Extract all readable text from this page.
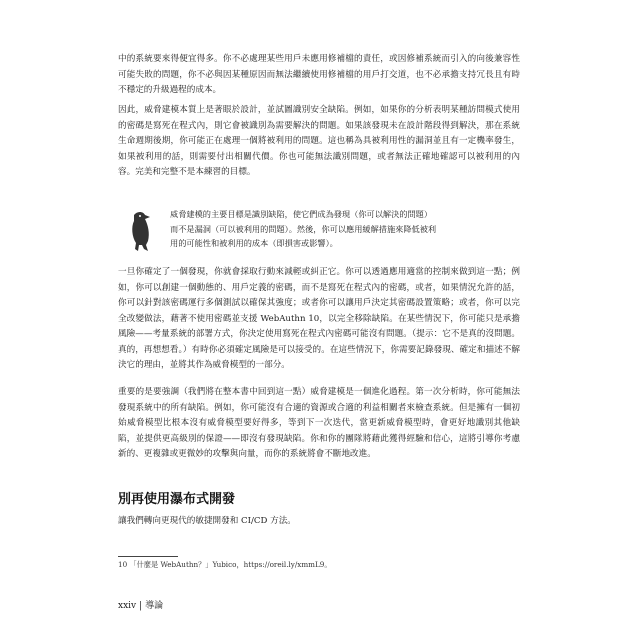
中的系統要來得便宜得多。你不必處理某些用戶未應用修補檔的責任，或因修補系統而引入的向後兼容性可能失敗的問題，你不必與因某種原因而無法繼續使用修補檔的用戶打交道，也不必承擔支持冗長且有時不穩定的升級過程的成本。

因此，威脅建模本質上是著眼於設計，並試圖識別安全缺陷。例如，如果你的分析表明某種訪問模式使用的密碼是寫死在程式內，則它會被識別為需要解決的問題。如果該發現未在設計階段得到解決，那在系統生命週期後期，你可能正在處理一個將被利用的問題。這也稱為具被利用性的漏洞並且有一定機率發生，如果被利用的話，則需要付出相關代價。你也可能無法識別問題，或者無法正確地確認可以被利用的內容。完美和完整不是本練習的目標。

威脅建模的主要目標是識別缺陷，使它們成為發現（你可以解決的問題）
而不是漏洞（可以被利用的問題）。然後，你可以應用緩解措施來降低被利
用的可能性和被利用的成本（即損害或影響）。

一旦你確定了一個發現，你就會採取行動來減輕或糾正它。你可以透過應用適當的控制來做到這一點；例如，你可以創建一個動態的、用戶定義的密碼，而不是寫死在程式內的密碼，或者，如果情況允許的話，你可以針對該密碼運行多個測試以確保其強度；或者你可以讓用戶決定其密碼設置策略；或者，你可以完全改變做法，藉著不使用密碼並支援 WebAuthn 10，以完全移除缺陷。在某些情況下，你可能只是承擔風險——考量系統的部署方式，你決定使用寫死在程式內密碼可能沒有問題。（提示：它不是真的沒問題。真的，再想想看。）有時你必須確定風險是可以接受的。在這些情況下，你需要記錄發現、確定和描述不解決它的理由，並將其作為威脅模型的一部分。

重要的是要強調（我們將在整本書中回到這一點）威脅建模是一個進化過程。第一次分析時，你可能無法發現系統中的所有缺陷。例如，你可能沒有合適的資源或合適的利益相關者來檢查系統。但是擁有一個初始威脅模型比根本沒有威脅模型要好得多，等到下一次迭代，當更新威脅模型時，會更好地識別其他缺陷，並提供更高級別的保證——即沒有發現缺陷。你和你的團隊將藉此獲得經驗和信心，這將引導你考慮新的、更複雜或更微妙的攻擊與向量，而你的系統將會不斷地改進。

別再使用瀑布式開發

讓我們轉向更現代的敏捷開發和 CI/CD 方法。

10 「什麼是 WebAuthn？」Yubico，https://oreil.ly/xmmL9。

xxiv | 導論
